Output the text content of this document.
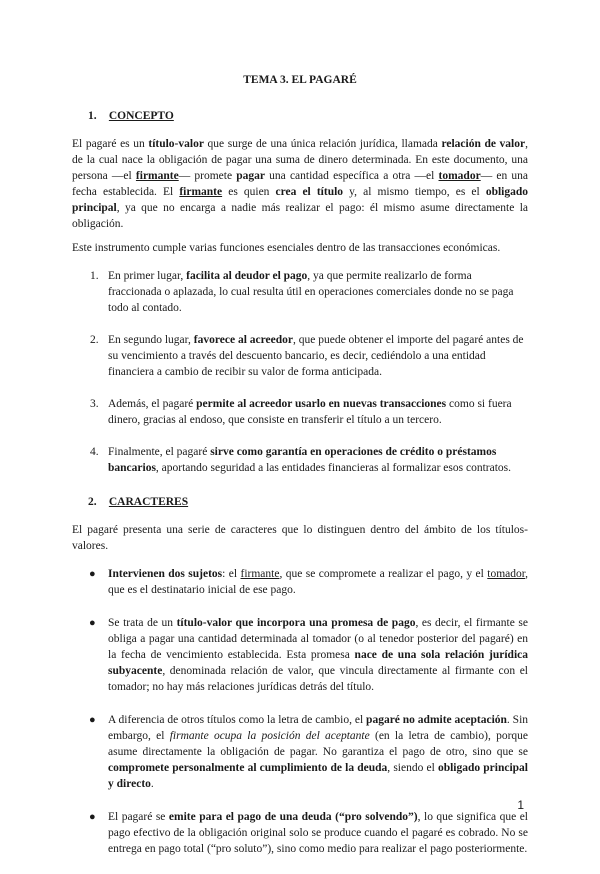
TEMA 3. EL PAGARÉ
1. CONCEPTO

El pagaré es un título-valor que surge de una única relación jurídica, llamada relación de valor, de la cual nace la obligación de pagar una suma de dinero determinada. En este documento, una persona —el firmante— promete pagar una cantidad específica a otra —el tomador— en una fecha establecida. El firmante es quien crea el título y, al mismo tiempo, es el obligado principal, ya que no encarga a nadie más realizar el pago: él mismo asume directamente la obligación.

Este instrumento cumple varias funciones esenciales dentro de las transacciones económicas.

1. En primer lugar, facilita al deudor el pago, ya que permite realizarlo de forma fraccionada o aplazada, lo cual resulta útil en operaciones comerciales donde no se paga todo al contado.
2. En segundo lugar, favorece al acreedor, que puede obtener el importe del pagaré antes de su vencimiento a través del descuento bancario, es decir, cediéndolo a una entidad financiera a cambio de recibir su valor de forma anticipada.
3. Además, el pagaré permite al acreedor usarlo en nuevas transacciones como si fuera dinero, gracias al endoso, que consiste en transferir el título a un tercero.
4. Finalmente, el pagaré sirve como garantía en operaciones de crédito o préstamos bancarios, aportando seguridad a las entidades financieras al formalizar esos contratos.
2. CARACTERES

El pagaré presenta una serie de caracteres que lo distinguen dentro del ámbito de los títulos-valores.

● Intervienen dos sujetos: el firmante, que se compromete a realizar el pago, y el tomador, que es el destinatario inicial de ese pago.
● Se trata de un título-valor que incorpora una promesa de pago, es decir, el firmante se obliga a pagar una cantidad determinada al tomador (o al tenedor posterior del pagaré) en la fecha de vencimiento establecida. Esta promesa nace de una sola relación jurídica subyacente, denominada relación de valor, que vincula directamente al firmante con el tomador; no hay más relaciones jurídicas detrás del título.
● A diferencia de otros títulos como la letra de cambio, el pagaré no admite aceptación. Sin embargo, el firmante ocupa la posición del aceptante (en la letra de cambio), porque asume directamente la obligación de pagar. No garantiza el pago de otro, sino que se compromete personalmente al cumplimiento de la deuda, siendo el obligado principal y directo.
● El pagaré se emite para el pago de una deuda (“pro solvendo”), lo que significa que el pago efectivo de la obligación original solo se produce cuando el pagaré es cobrado. No se entrega en pago total (“pro soluto”), sino como medio para realizar el pago posteriormente.
1
